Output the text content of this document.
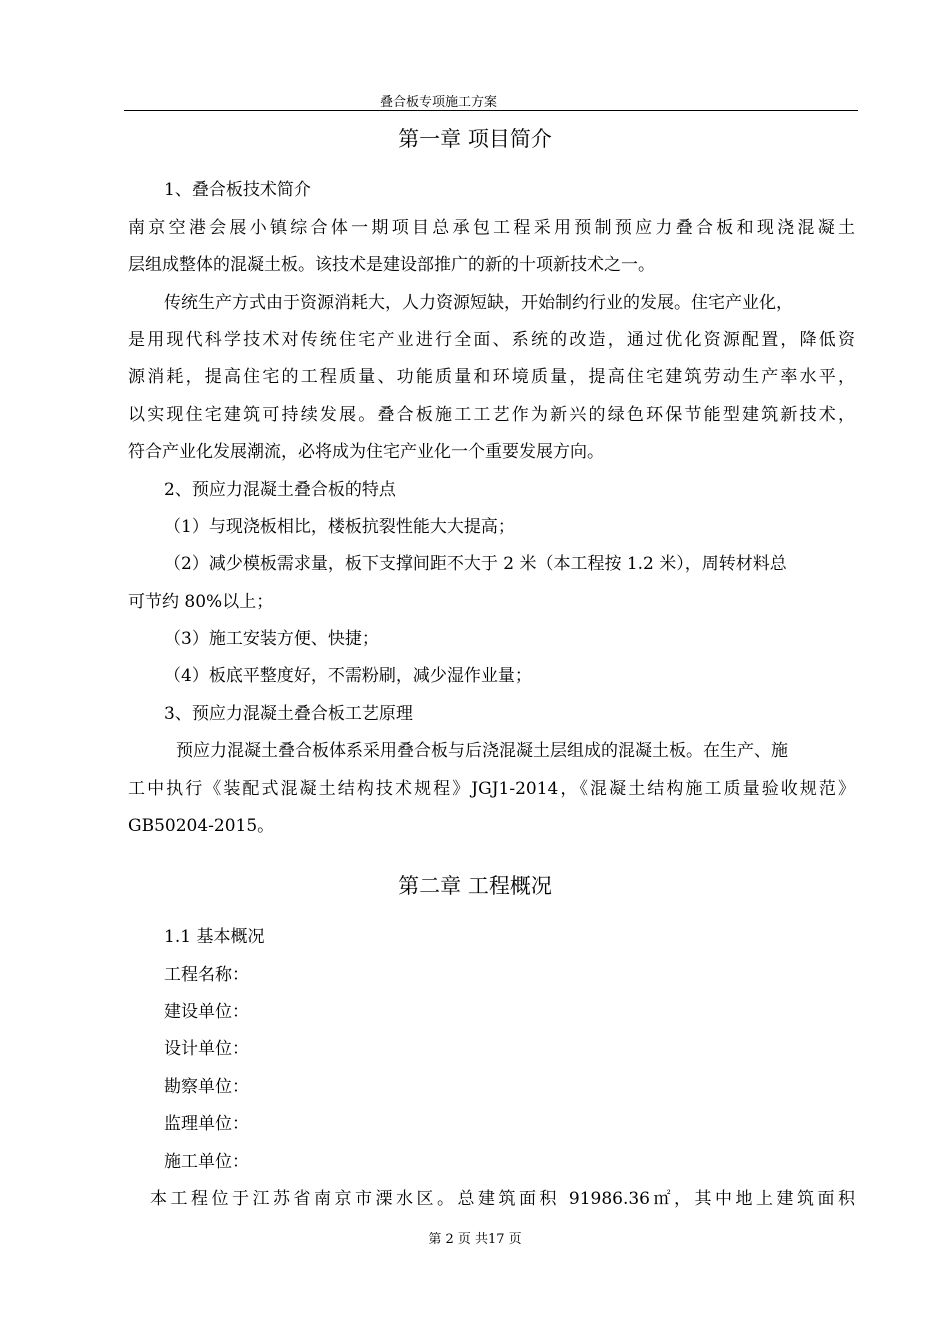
叠合板专项施工方案
第一章 项目简介
1、叠合板技术简介
南京空港会展小镇综合体一期项目总承包工程采用预制预应力叠合板和现浇混凝土
层组成整体的混凝土板。该技术是建设部推广的新的十项新技术之一。
传统生产方式由于资源消耗大，人力资源短缺，开始制约行业的发展。住宅产业化，
是用现代科学技术对传统住宅产业进行全面、系统的改造，通过优化资源配置，降低资
源消耗，提高住宅的工程质量、功能质量和环境质量，提高住宅建筑劳动生产率水平，
以实现住宅建筑可持续发展。叠合板施工工艺作为新兴的绿色环保节能型建筑新技术，
符合产业化发展潮流，必将成为住宅产业化一个重要发展方向。
2、预应力混凝土叠合板的特点
（1）与现浇板相比，楼板抗裂性能大大提高；
（2）减少模板需求量，板下支撑间距不大于 2 米（本工程按 1.2 米），周转材料总
可节约 80%以上；
（3）施工安装方便、快捷；
（4）板底平整度好，不需粉刷，减少湿作业量；
3、预应力混凝土叠合板工艺原理
预应力混凝土叠合板体系采用叠合板与后浇混凝土层组成的混凝土板。在生产、施
工中执行《装配式混凝土结构技术规程》JGJ1-2014，《混凝土结构施工质量验收规范》
GB50204-2015。
第二章 工程概况
1.1 基本概况
工程名称：
建设单位：
设计单位：
勘察单位：
监理单位：
施工单位：
本工程位于江苏省南京市溧水区。总建筑面积 91986.36㎡，其中地上建筑面积
第 2 页 共17 页
